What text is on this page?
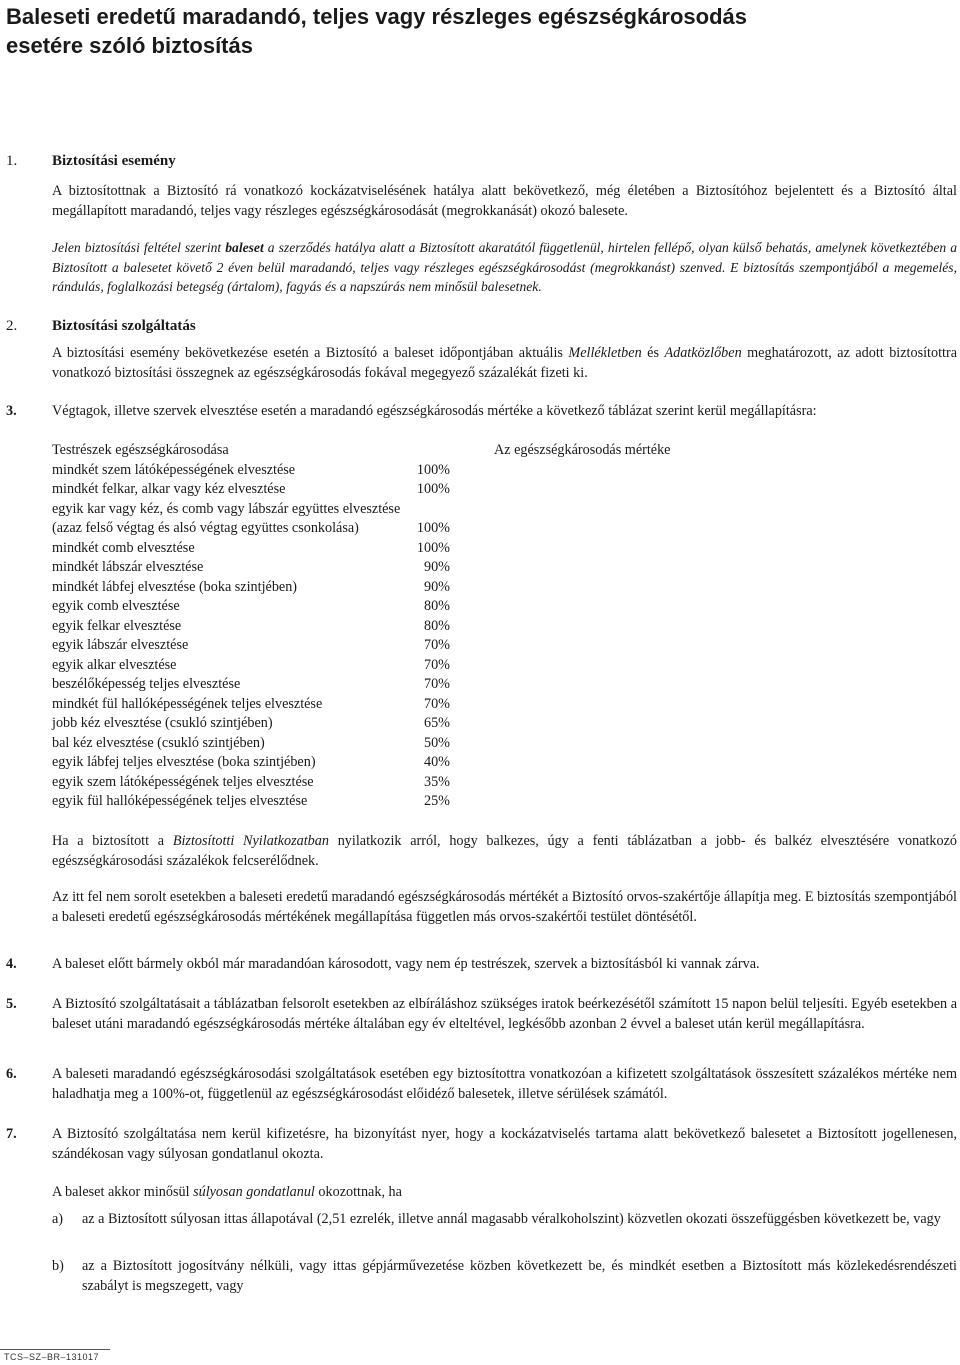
Baleseti eredetű maradandó, teljes vagy részleges egészségkárosodás
esetére szóló biztosítás
1.	Biztosítási esemény

A biztosítottnak a Biztosító rá vonatkozó kockázatviselésének hatálya alatt bekövetkező, még életében a Biztosítóhoz bejelentett és a Biztosító által megállapított maradandó, teljes vagy részleges egészségkárosodását (megrokkanását) okozó balesete.

Jelen biztosítási feltétel szerint baleset a szerződés hatálya alatt a Biztosított akaratától függetlenül, hirtelen fellépő, olyan külső behatás, amelynek következtében a Biztosított a balesetet követő 2 éven belül maradandó, teljes vagy részleges egészségkárosodást (megrokkanást) szenved. E biztosítás szempontjából a megemelés, rándulás, foglalkozási betegség (ártalom), fagyás és a napszúrás nem minősül balesetnek.

2.	Biztosítási szolgáltatás

A biztosítási esemény bekövetkezése esetén a Biztosító a baleset időpontjában aktuális Mellékletben és Adatközlőben meghatározott, az adott biztosítottra vonatkozó biztosítási összegnek az egészségkárosodás fokával megegyező százalékát fizeti ki.

3. Végtagok, illetve szervek elvesztése esetén a maradandó egészségkárosodás mértéke a következő táblázat szerint kerül megállapításra:

Testrészek egészségkárosodása	Az egészségkárosodás mértéke
mindkét szem látóképességének elvesztése	100%
mindkét felkar, alkar vagy kéz elvesztése	100%
egyik kar vagy kéz, és comb vagy lábszár együttes elvesztése
(azaz felső végtag és alsó végtag együttes csonkolása)	100%
mindkét comb elvesztése	100%
mindkét lábszár elvesztése	90%
mindkét lábfej elvesztése (boka szintjében)	90%
egyik comb elvesztése	80%
egyik felkar elvesztése	80%
egyik lábszár elvesztése	70%
egyik alkar elvesztése	70%
beszélőképesség teljes elvesztése	70%
mindkét fül hallóképességének teljes elvesztése	70%
jobb kéz elvesztése (csukló szintjében)	65%
bal kéz elvesztése (csukló szintjében)	50%
egyik lábfej teljes elvesztése (boka szintjében)	40%
egyik szem látóképességének teljes elvesztése	35%
egyik fül hallóképességének teljes elvesztése	25%

Ha a biztosított a Biztosítotti Nyilatkozatban nyilatkozik arról, hogy balkezes, úgy a fenti táblázatban a jobb- és balkéz elvesztésére vonatkozó egészségkárosodási százalékok felcserélődnek.

Az itt fel nem sorolt esetekben a baleseti eredetű maradandó egészségkárosodás mértékét a Biztosító orvos-szakértője állapítja meg. E biztosítás szempontjából a baleseti eredetű egészségkárosodás mértékének megállapítása független más orvos-szakértői testület döntésétől.

4. A baleset előtt bármely okból már maradandóan károsodott, vagy nem ép testrészek, szervek a biztosításból ki vannak zárva.

5. A Biztosító szolgáltatásait a táblázatban felsorolt esetekben az elbíráláshoz szükséges iratok beérkezésétől számított 15 napon belül teljesíti. Egyéb esetekben a baleset utáni maradandó egészségkárosodás mértéke általában egy év elteltével, legkésőbb azonban 2 évvel a baleset után kerül megállapításra.

6. A baleseti maradandó egészségkárosodási szolgáltatások esetében egy biztosítottra vonatkozóan a kifizetett szolgáltatások összesített százalékos mértéke nem haladhatja meg a 100%-ot, függetlenül az egészségkárosodást előidéző balesetek, illetve sérülések számától.

7. A Biztosító szolgáltatása nem kerül kifizetésre, ha bizonyítást nyer, hogy a kockázatviselés tartama alatt bekövetkező balesetet a Biztosított jogellenesen, szándékosan vagy súlyosan gondatlanul okozta.

A baleset akkor minősül súlyosan gondatlanul okozottnak, ha

a) az a Biztosított súlyosan ittas állapotával (2,51 ezrelék, illetve annál magasabb véralkoholszint) közvetlen okozati összefüggésben következett be, vagy

b) az a Biztosított jogosítvány nélküli, vagy ittas gépjárművezetése közben következett be, és mindkét esetben a Biztosított más közlekedésrendészeti szabályt is megszegett, vagy

TCS–SZ–BR–131017
